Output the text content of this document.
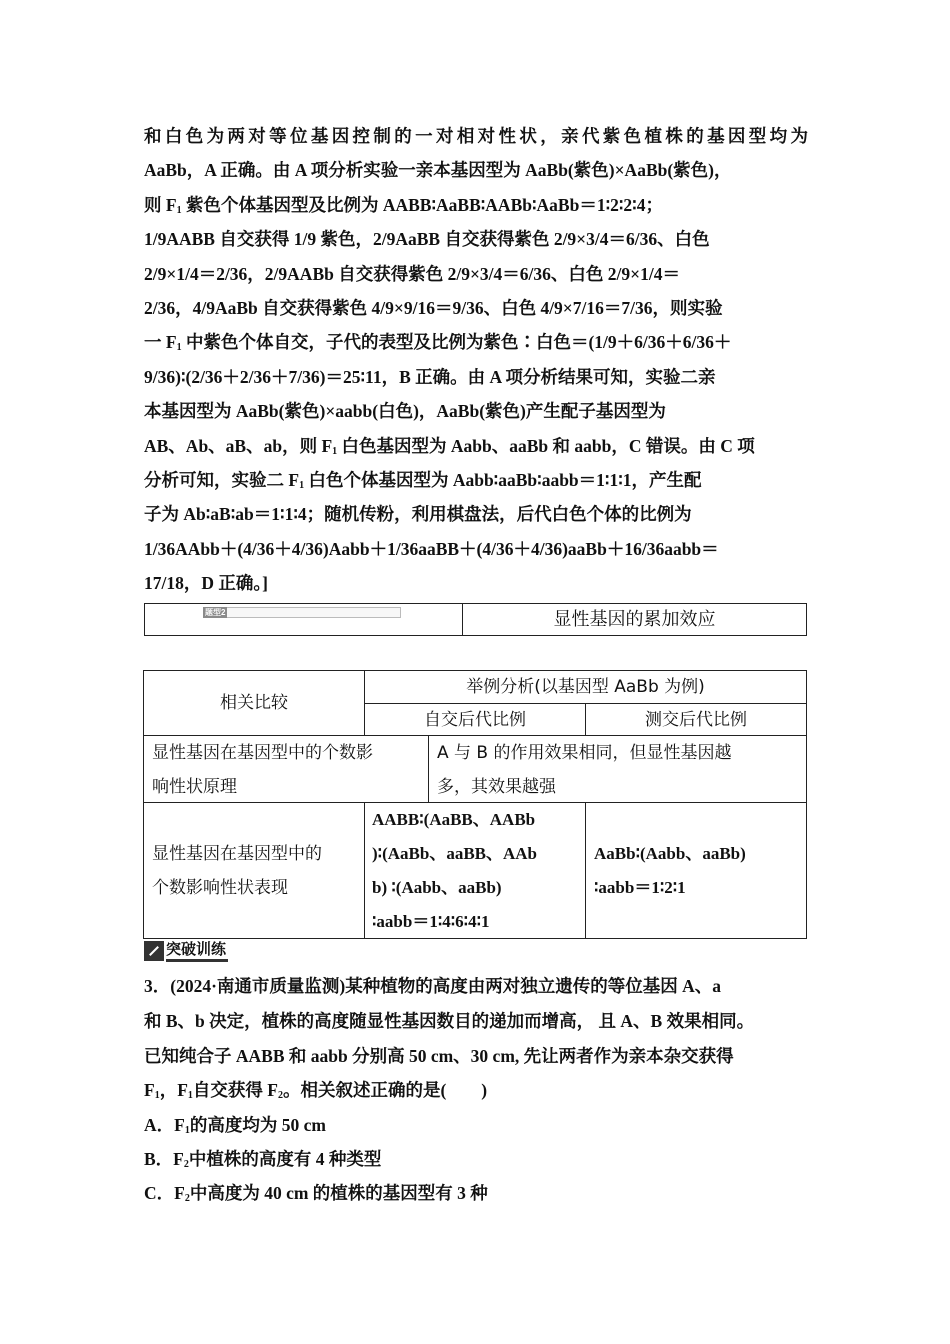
和白色为两对等位基因控制的一对相对性状，亲代紫色植株的基因型均为
AaBb，A 正确。由 A 项分析实验一亲本基因型为 AaBb(紫色)×AaBb(紫色)，
则 $F_1$ 紫色个体基因型及比例为 AABB∶AaBB∶AABb∶AaBb＝1∶2∶2∶4；
1/9AABB 自交获得 1/9 紫色，2/9AaBB 自交获得紫色 2/9×3/4＝6/36、白色
2/9×1/4＝2/36，2/9AABb 自交获得紫色 2/9×3/4＝6/36、白色 2/9×1/4＝
2/36，4/9AaBb 自交获得紫色 4/9×9/16＝9/36、白色 4/9×7/16＝7/36，则实验
一 $F_1$ 中紫色个体自交，子代的表型及比例为紫色∶白色＝(1/9＋6/36＋6/36＋
9/36)∶(2/36＋2/36＋7/36)＝25∶11，B 正确。由 A 项分析结果可知，实验二亲
本基因型为 AaBb(紫色)×aabb(白色)，AaBb(紫色)产生配子基因型为
AB、Ab、aB、ab，则 $F_1$ 白色基因型为 Aabb、aaBb 和 aabb，C 错误。由 C 项
分析可知，实验二 $F_1$ 白色个体基因型为 Aabb∶aaBb∶aabb＝1∶1∶1，产生配
子为 Ab∶aB∶ab＝1∶1∶4；随机传粉，利用棋盘法，后代白色个体的比例为
1/36AAbb＋(4/36＋4/36)Aabb＋1/36aaBB＋(4/36＋4/36)aaBb＋16/36aabb＝
17/18，D 正确。]
题型2	显性基因的累加效应
相关比较
举例分析(以基因型 AaBb 为例)
自交后代比例	测交后代比例
显性基因在基因型中的个数影
响性状原理
A 与 B 的作用效果相同，但显性基因越
多，其效果越强
显性基因在基因型中的
个数影响性状表现
AABB∶(AaBB、AABb
)∶(AaBb、aaBB、AAb
b) ∶(Aabb、aaBb)
∶aabb＝1∶4∶6∶4∶1
AaBb∶(Aabb、aaBb)
∶aabb＝1∶2∶1
突破训练
3．(2024·南通市质量监测)某种植物的高度由两对独立遗传的等位基因 A、a
和 B、b 决定，植株的高度随显性基因数目的递加而增高， 且 A、B 效果相同。
已知纯合子 AABB 和 aabb 分别高 50 cm、30 cm, 先让两者作为亲本杂交获得
$F_1$，$F_1$自交获得 $F_2$。相关叙述正确的是(　　)
A．$F_1$的高度均为 50 cm
B．$F_2$中植株的高度有 4 种类型
C．$F_2$中高度为 40 cm 的植株的基因型有 3 种
